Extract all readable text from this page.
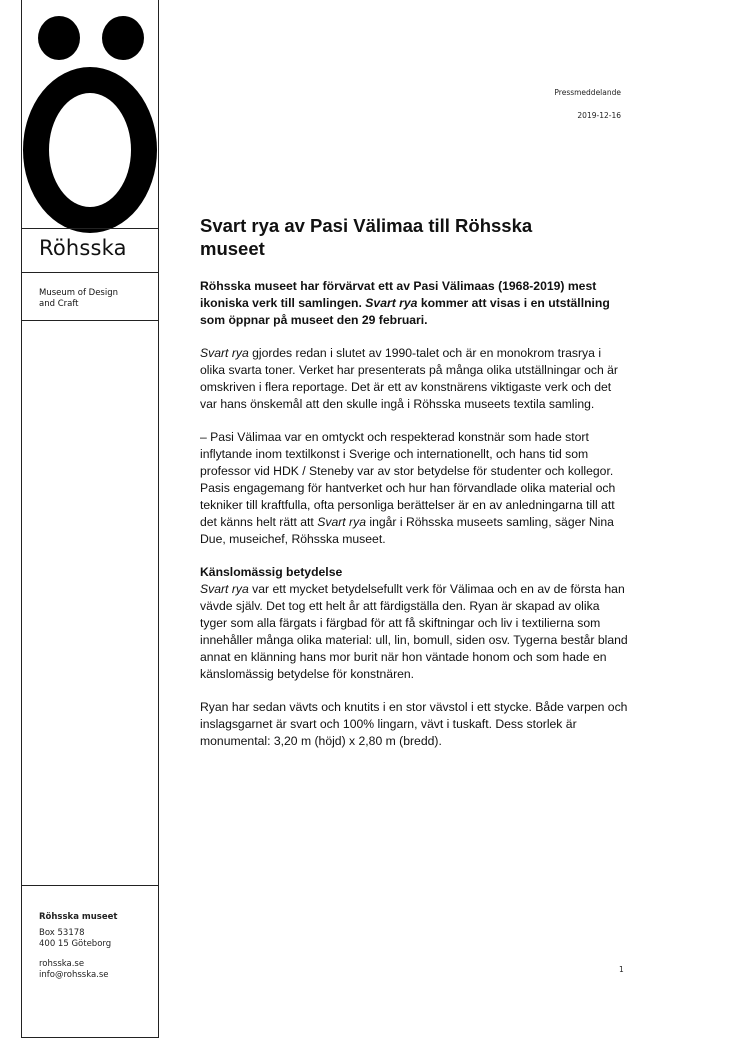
Röhsska
Museum of Design
and Craft
Röhsska museet
Box 53178
400 15 Göteborg
rohsska.se
info@rohsska.se
Pressmeddelande
2019-12-16
Svart rya av Pasi Välimaa till Röhsska
museet

Röhsska museet har förvärvat ett av Pasi Välimaas (1968-2019) mest ikoniska verk till samlingen. Svart rya kommer att visas i en utställning som öppnar på museet den 29 februari.

Svart rya gjordes redan i slutet av 1990-talet och är en monokrom trasrya i olika svarta toner. Verket har presenterats på många olika utställningar och är omskriven i flera reportage. Det är ett av konstnärens viktigaste verk och det var hans önskemål att den skulle ingå i Röhsska museets textila samling.

– Pasi Välimaa var en omtyckt och respekterad konstnär som hade stort inflytande inom textilkonst i Sverige och internationellt, och hans tid som professor vid HDK / Steneby var av stor betydelse för studenter och kollegor. Pasis engagemang för hantverket och hur han förvandlade olika material och tekniker till kraftfulla, ofta personliga berättelser är en av anledningarna till att det känns helt rätt att Svart rya ingår i Röhsska museets samling, säger Nina Due, museichef, Röhsska museet.

Känslomässig betydelse

Svart rya var ett mycket betydelsefullt verk för Välimaa och en av de första han vävde själv. Det tog ett helt år att färdigställa den. Ryan är skapad av olika tyger som alla färgats i färgbad för att få skiftningar och liv i textilierna som innehåller många olika material: ull, lin, bomull, siden osv. Tygerna består bland annat en klänning hans mor burit när hon väntade honom och som hade en känslomässig betydelse för konstnären.

Ryan har sedan vävts och knutits i en stor vävstol i ett stycke. Både varpen och inslagsgarnet är svart och 100% lingarn, vävt i tuskaft. Dess storlek är monumental: 3,20 m (höjd) x 2,80 m (bredd).

1
